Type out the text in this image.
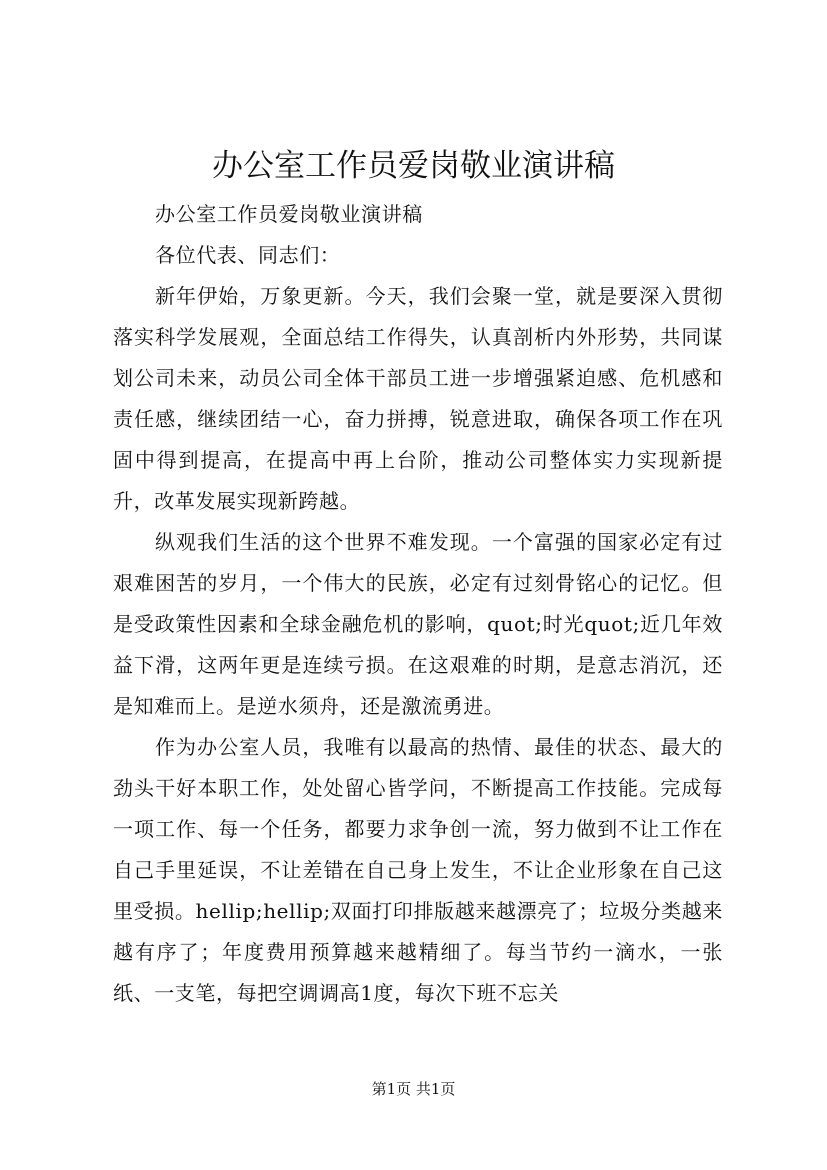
办公室工作员爱岗敬业演讲稿

办公室工作员爱岗敬业演讲稿

各位代表、同志们：

新年伊始，万象更新。今天，我们会聚一堂，就是要深入贯彻落实科学发展观，全面总结工作得失，认真剖析内外形势，共同谋划公司未来，动员公司全体干部员工进一步增强紧迫感、危机感和责任感，继续团结一心，奋力拼搏，锐意进取，确保各项工作在巩固中得到提高，在提高中再上台阶，推动公司整体实力实现新提升，改革发展实现新跨越。

纵观我们生活的这个世界不难发现。一个富强的国家必定有过艰难困苦的岁月，一个伟大的民族，必定有过刻骨铭心的记忆。但是受政策性因素和全球金融危机的影响，quot;时光quot;近几年效益下滑，这两年更是连续亏损。在这艰难的时期，是意志消沉，还是知难而上。是逆水须舟，还是激流勇进。

作为办公室人员，我唯有以最高的热情、最佳的状态、最大的劲头干好本职工作，处处留心皆学问，不断提高工作技能。完成每一项工作、每一个任务，都要力求争创一流，努力做到不让工作在自己手里延误，不让差错在自己身上发生，不让企业形象在自己这里受损。hellip;hellip;双面打印排版越来越漂亮了；垃圾分类越来越有序了；年度费用预算越来越精细了。每当节约一滴水，一张纸、一支笔，每把空调调高1度，每次下班不忘关

第1页 共1页
